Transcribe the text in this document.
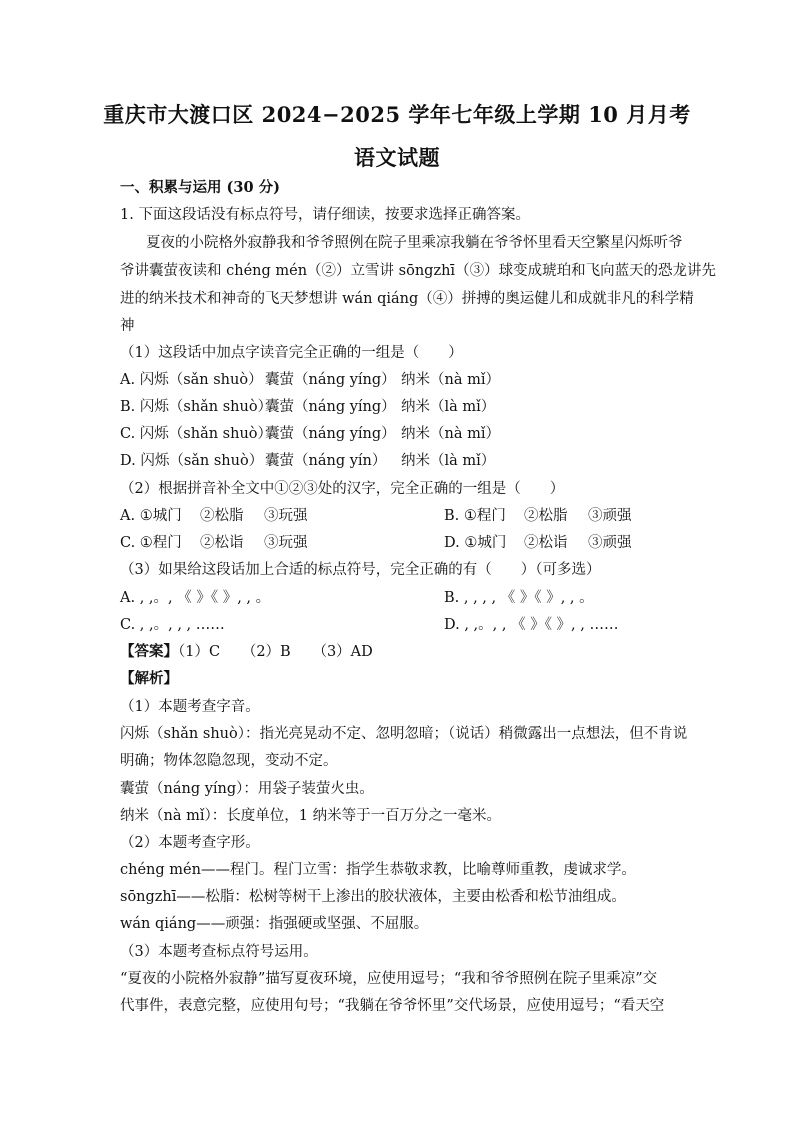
重庆市大渡口区 2024−2025 学年七年级上学期 10 月月考
语文试题
一、积累与运用 (30 分)
1. 下面这段话没有标点符号，请仔细读，按要求选择正确答案。
夏夜的小院格外寂静我和爷爷照例在院子里乘凉我躺在爷爷怀里看天空繁星闪烁听爷
爷讲囊萤夜读和 chéng mén（②）立雪讲 sōngzhī（③）球变成琥珀和飞向蓝天的恐龙讲先
进的纳米技术和神奇的飞天梦想讲 wán qiáng（④）拼搏的奥运健儿和成就非凡的科学精
神
（1）这段话中加点字读音完全正确的一组是（　　）
A. 闪烁（sǎn shuò） 囊萤（náng yíng） 纳米（nà mǐ）
B. 闪烁（shǎn shuò）囊萤（náng yíng） 纳米（là mǐ）
C. 闪烁（shǎn shuò）囊萤（náng yíng） 纳米（nà mǐ）
D. 闪烁（sǎn shuò） 囊萤（náng yín） 纳米（là mǐ）
（2）根据拼音补全文中①②③处的汉字，完全正确的一组是（　　）
A. ①城门 ②松脂 ③玩强	B. ①程门 ②松脂 ③顽强
C. ①程门 ②松诣 ③玩强	D. ①城门 ②松诣 ③顽强
（3）如果给这段话加上合适的标点符号，完全正确的有（　　）（可多选）
A. , ,。, 《 》《 》, , 。	B. , , , , 《 》《 》, , 。
C. , ,。, , , ……	D. , ,。, , 《 》《 》, , ……
【答案】（1）C　　（2）B　　（3）AD
【解析】
（1）本题考查字音。
闪烁（shǎn shuò）：指光亮晃动不定、忽明忽暗；（说话）稍微露出一点想法，但不肯说
明确；物体忽隐忽现，变动不定。
囊萤（náng yíng）：用袋子装萤火虫。
纳米（nà mǐ）：长度单位，1 纳米等于一百万分之一毫米。
（2）本题考查字形。
chéng mén——程门。程门立雪：指学生恭敬求教，比喻尊师重教，虔诚求学。
sōngzhī——松脂：松树等树干上渗出的胶状液体，主要由松香和松节油组成。
wán qiáng——顽强：指强硬或坚强、不屈服。
（3）本题考查标点符号运用。
“夏夜的小院格外寂静”描写夏夜环境，应使用逗号；“我和爷爷照例在院子里乘凉”交
代事件，表意完整，应使用句号；“我躺在爷爷怀里”交代场景，应使用逗号；“看天空
